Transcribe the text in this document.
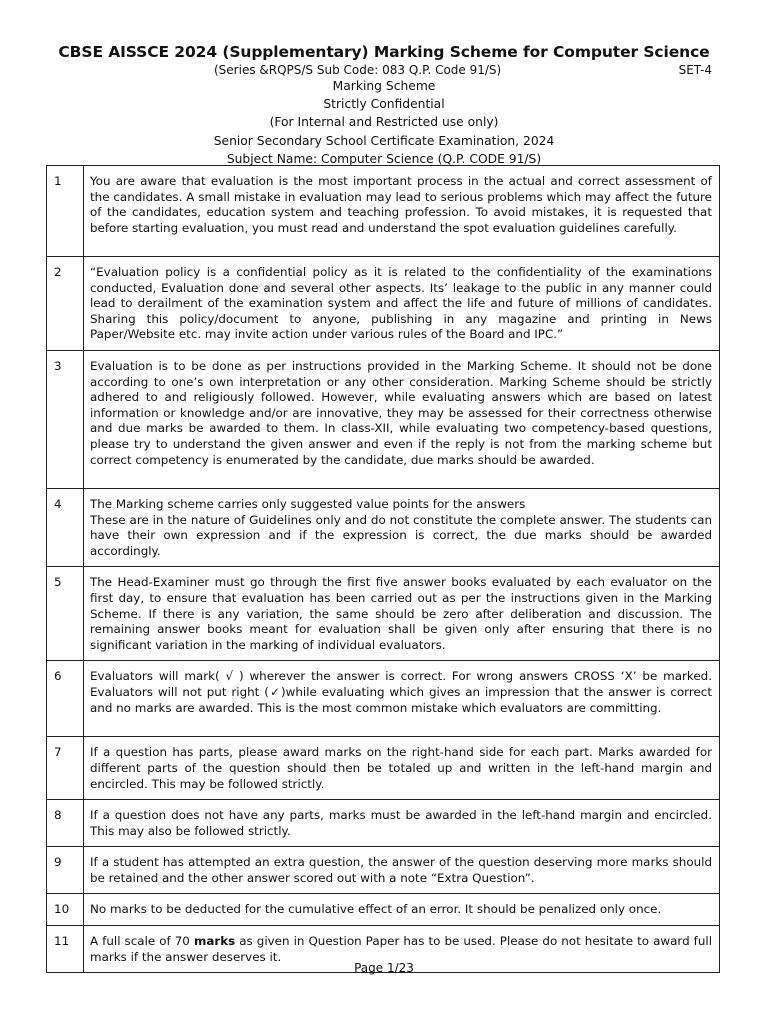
CBSE AISSCE 2024 (Supplementary) Marking Scheme for Computer Science
(Series &RQPS/S Sub Code: 083 Q.P. Code 91/S)	SET-4
Marking Scheme
Strictly Confidential
(For Internal and Restricted use only)
Senior Secondary School Certificate Examination, 2024
Subject Name: Computer Science (Q.P. CODE 91/S)
1	You are aware that evaluation is the most important process in the actual and correct assessment of the candidates. A small mistake in evaluation may lead to serious problems which may affect the future of the candidates, education system and teaching profession. To avoid mistakes, it is requested that before starting evaluation, you must read and understand the spot evaluation guidelines carefully.
2	“Evaluation policy is a confidential policy as it is related to the confidentiality of the examinations conducted, Evaluation done and several other aspects. Its’ leakage to the public in any manner could lead to derailment of the examination system and affect the life and future of millions of candidates. Sharing this policy/document to anyone, publishing in any magazine and printing in News Paper/Website etc. may invite action under various rules of the Board and IPC.”
3	Evaluation is to be done as per instructions provided in the Marking Scheme. It should not be done according to one’s own interpretation or any other consideration. Marking Scheme should be strictly adhered to and religiously followed. However, while evaluating answers which are based on latest information or knowledge and/or are innovative, they may be assessed for their correctness otherwise and due marks be awarded to them. In class-XII, while evaluating two competency-based questions, please try to understand the given answer and even if the reply is not from the marking scheme but correct competency is enumerated by the candidate, due marks should be awarded.
4	The Marking scheme carries only suggested value points for the answers
These are in the nature of Guidelines only and do not constitute the complete answer. The students can have their own expression and if the expression is correct, the due marks should be awarded accordingly.

5	The Head-Examiner must go through the first five answer books evaluated by each evaluator on the first day, to ensure that evaluation has been carried out as per the instructions given in the Marking Scheme. If there is any variation, the same should be zero after deliberation and discussion. The remaining answer books meant for evaluation shall be given only after ensuring that there is no significant variation in the marking of individual evaluators.
6	Evaluators will mark( √ ) wherever the answer is correct. For wrong answers CROSS ‘X’ be marked. Evaluators will not put right (✓)while evaluating which gives an impression that the answer is correct and no marks are awarded. This is the most common mistake which evaluators are committing.
7	If a question has parts, please award marks on the right-hand side for each part. Marks awarded for different parts of the question should then be totaled up and written in the left-hand margin and encircled. This may be followed strictly.
8	If a question does not have any parts, marks must be awarded in the left-hand margin and encircled. This may also be followed strictly.
9	If a student has attempted an extra question, the answer of the question deserving more marks should be retained and the other answer scored out with a note “Extra Question”.
10	No marks to be deducted for the cumulative effect of an error. It should be penalized only once.
11	A full scale of 70 marks as given in Question Paper has to be used. Please do not hesitate to award full marks if the answer deserves it.
Page 1/23
